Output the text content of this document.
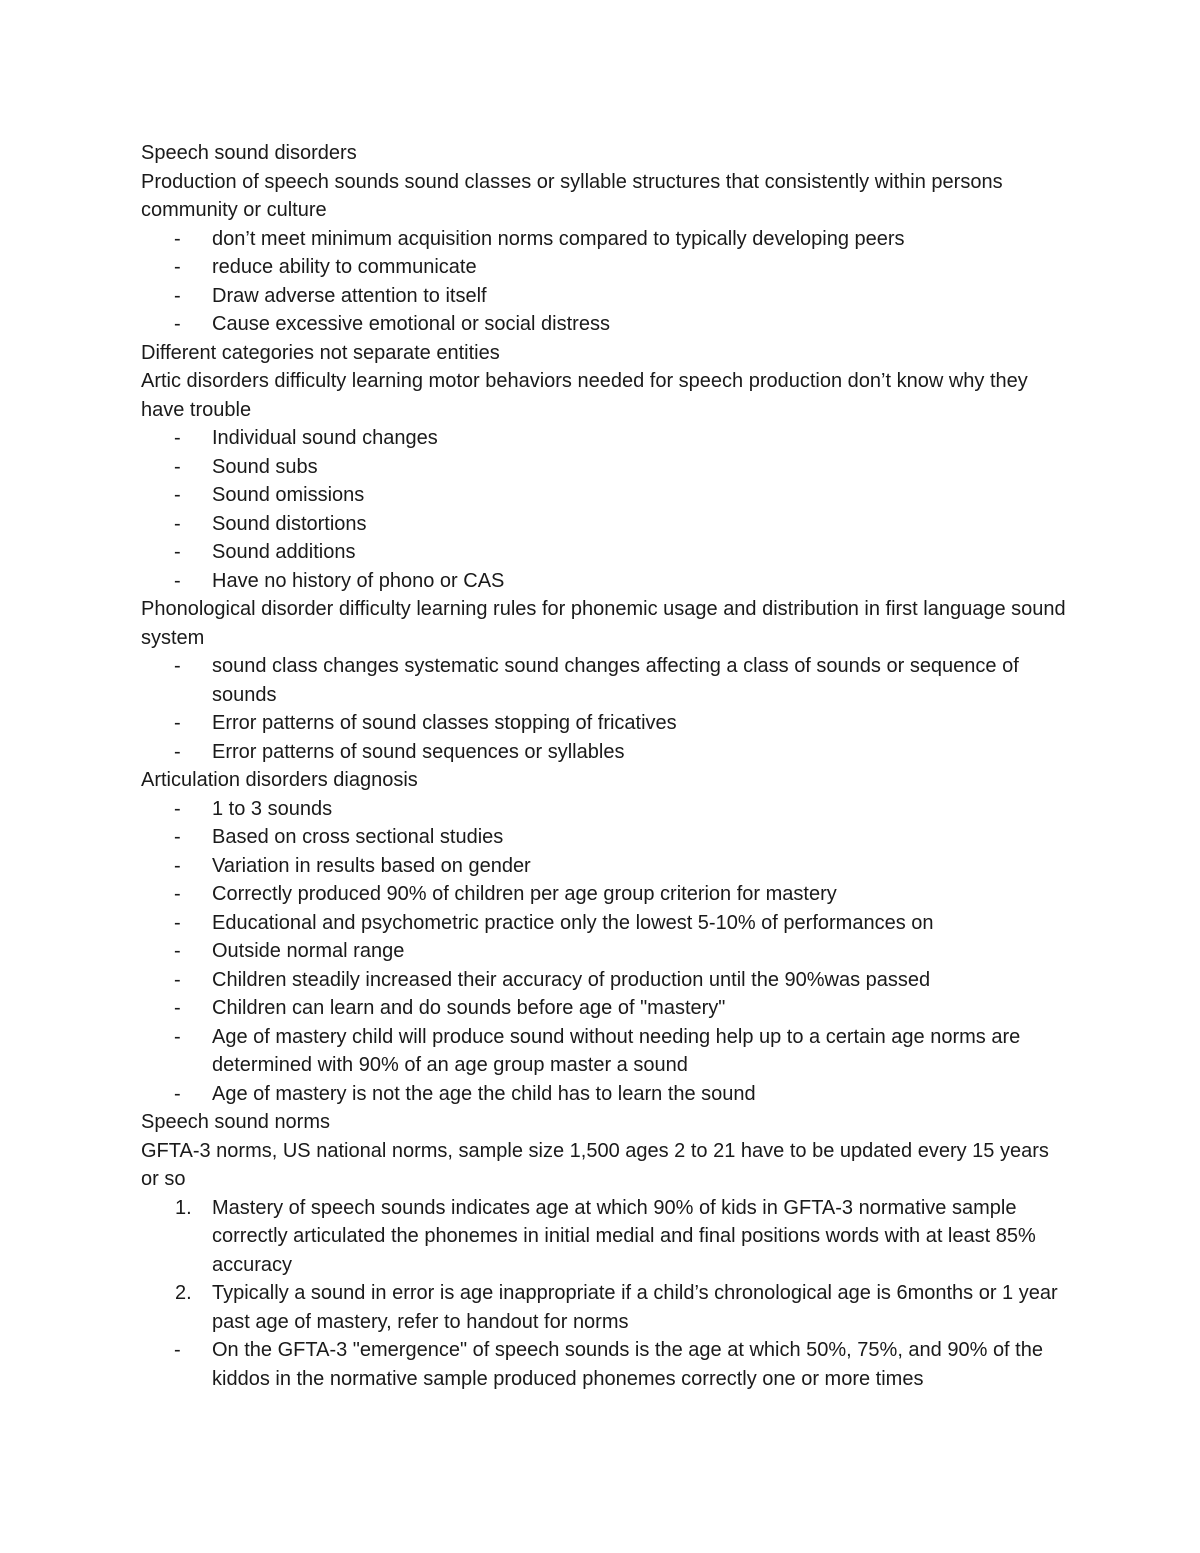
Speech sound disorders

Production of speech sounds sound classes or syllable structures that consistently within persons community or culture

-	don’t meet minimum acquisition norms compared to typically developing peers
-	reduce ability to communicate
-	Draw adverse attention to itself
-	Cause excessive emotional or social distress

Different categories not separate entities

Artic disorders difficulty learning motor behaviors needed for speech production don’t know why they have trouble

-	Individual sound changes
-	Sound subs
-	Sound omissions
-	Sound distortions
-	Sound additions
-	Have no history of phono or CAS

Phonological disorder difficulty learning rules for phonemic usage and distribution in first language sound system

-	sound class changes systematic sound changes affecting a class of sounds or sequence of sounds
-	Error patterns of sound classes stopping of fricatives
-	Error patterns of sound sequences or syllables

Articulation disorders diagnosis

-	1 to 3 sounds
-	Based on cross sectional studies
-	Variation in results based on gender
-	Correctly produced 90% of children per age group criterion for mastery
-	Educational and psychometric practice only the lowest 5-10% of performances on
-	Outside normal range
-	Children steadily increased their accuracy of production until the 90%was passed
-	Children can learn and do sounds before age of "mastery"
-	Age of mastery child will produce sound without needing help up to a certain age norms are determined with 90% of an age group master a sound
-	Age of mastery is not the age the child has to learn the sound

Speech sound norms

GFTA-3 norms, US national norms, sample size 1,500 ages 2 to 21 have to be updated every 15 years or so

1.	Mastery of speech sounds indicates age at which 90% of kids in GFTA-3 normative sample correctly articulated the phonemes in initial medial and final positions words with at least 85% accuracy
2.	Typically a sound in error is age inappropriate if a child’s chronological age is 6months or 1 year past age of mastery, refer to handout for norms
-	On the GFTA-3 "emergence" of speech sounds is the age at which 50%, 75%, and 90% of the kiddos in the normative sample produced phonemes correctly one or more times
